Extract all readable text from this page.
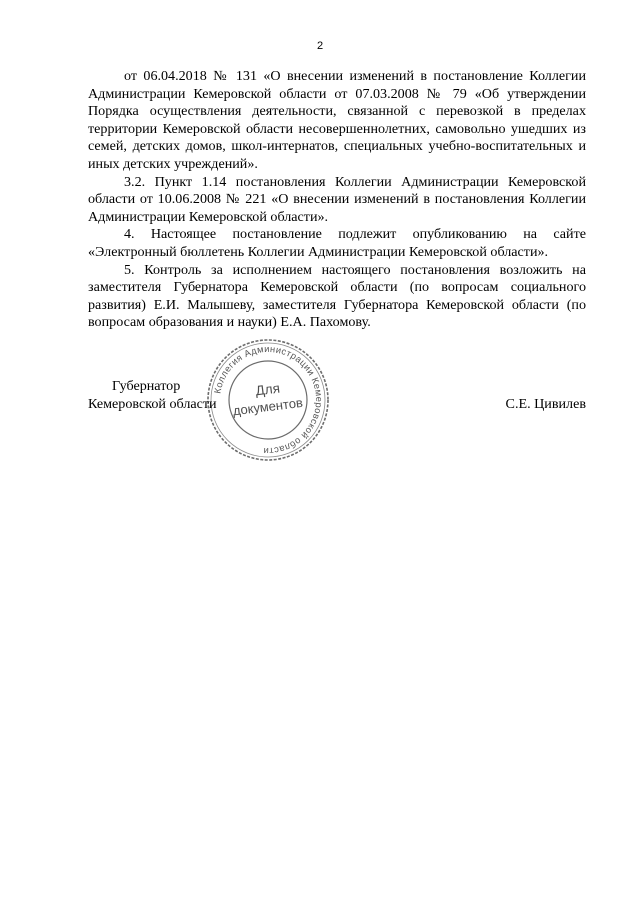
2

от 06.04.2018 № 131 «О внесении изменений в постановление Коллегии Администрации Кемеровской области от 07.03.2008 № 79 «Об утверждении Порядка осуществления деятельности, связанной с перевозкой в пределах территории Кемеровской области несовершеннолетних, самовольно ушедших из семей, детских домов, школ-интернатов, специальных учебно-воспитательных и иных детских учреждений».

3.2. Пункт 1.14 постановления Коллегии Администрации Кемеровской области от 10.06.2008 № 221 «О внесении изменений в постановления Коллегии Администрации Кемеровской области».

4. Настоящее постановление подлежит опубликованию на сайте «Электронный бюллетень Коллегии Администрации Кемеровской области».

5. Контроль за исполнением настоящего постановления возложить на заместителя Губернатора Кемеровской области (по вопросам социального развития) Е.И. Малышеву, заместителя Губернатора Кемеровской области (по вопросам образования и науки) Е.А. Пахомову.

Коллегия Администрации Кемеровской области
Для
документов
Губернатор
Кемеровской области	С.Е. Цивилев
